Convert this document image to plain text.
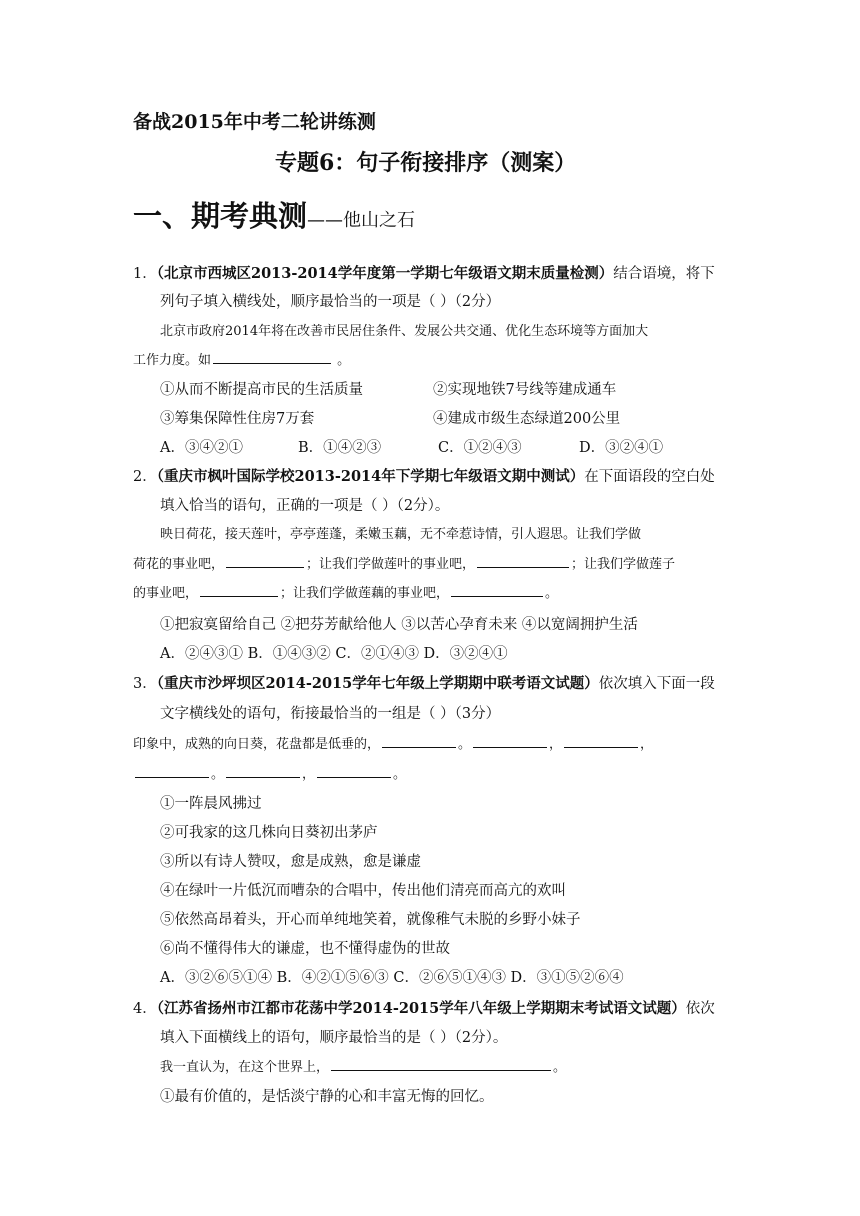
备战2015年中考二轮讲练测
专题6：句子衔接排序（测案）
一、期考典测——他山之石
1．（北京市西城区2013-2014学年度第一学期七年级语文期末质量检测）结合语境，将下
列句子填入横线处，顺序最恰当的一项是（ ）（2分）
北京市政府2014年将在改善市民居住条件、发展公共交通、优化生态环境等方面加大
工作力度。如	。
①从而不断提高市民的生活质量	②实现地铁7号线等建成通车
③筹集保障性住房7万套	④建成市级生态绿道200公里
A．③④②①	B．①④②③	C．①②④③	D．③②④①
2．（重庆市枫叶国际学校2013-2014年下学期七年级语文期中测试）在下面语段的空白处
填入恰当的语句，正确的一项是（ ）（2分）。
映日荷花，接天莲叶，亭亭莲蓬，柔嫩玉藕，无不牵惹诗情，引人遐思。让我们学做
荷花的事业吧，	；让我们学做莲叶的事业吧，	；让我们学做莲子
的事业吧，	；让我们学做莲藕的事业吧，	。
①把寂寞留给自己 ②把芬芳献给他人 ③以苦心孕育未来 ④以宽阔拥护生活
A．②④③① B．①④③② C．②①④③ D．③②④①
3．（重庆市沙坪坝区2014-2015学年七年级上学期期中联考语文试题）依次填入下面一段
文字横线处的语句，衔接最恰当的一组是（ ）（3分）
印象中，成熟的向日葵，花盘都是低垂的，	。	，	，
。	，	。
①一阵晨风拂过
②可我家的这几株向日葵初出茅庐
③所以有诗人赞叹，愈是成熟，愈是谦虚
④在绿叶一片低沉而嘈杂的合唱中，传出他们清亮而高亢的欢叫
⑤依然高昂着头，开心而单纯地笑着，就像稚气未脱的乡野小妹子
⑥尚不懂得伟大的谦虚，也不懂得虚伪的世故
A．③②⑥⑤①④ B．④②①⑤⑥③ C．②⑥⑤①④③ D．③①⑤②⑥④
4．（江苏省扬州市江都市花荡中学2014-2015学年八年级上学期期末考试语文试题）依次
填入下面横线上的语句，顺序最恰当的是（ ）（2分）。
我一直认为，在这个世界上，	。
①最有价值的，是恬淡宁静的心和丰富无悔的回忆。
